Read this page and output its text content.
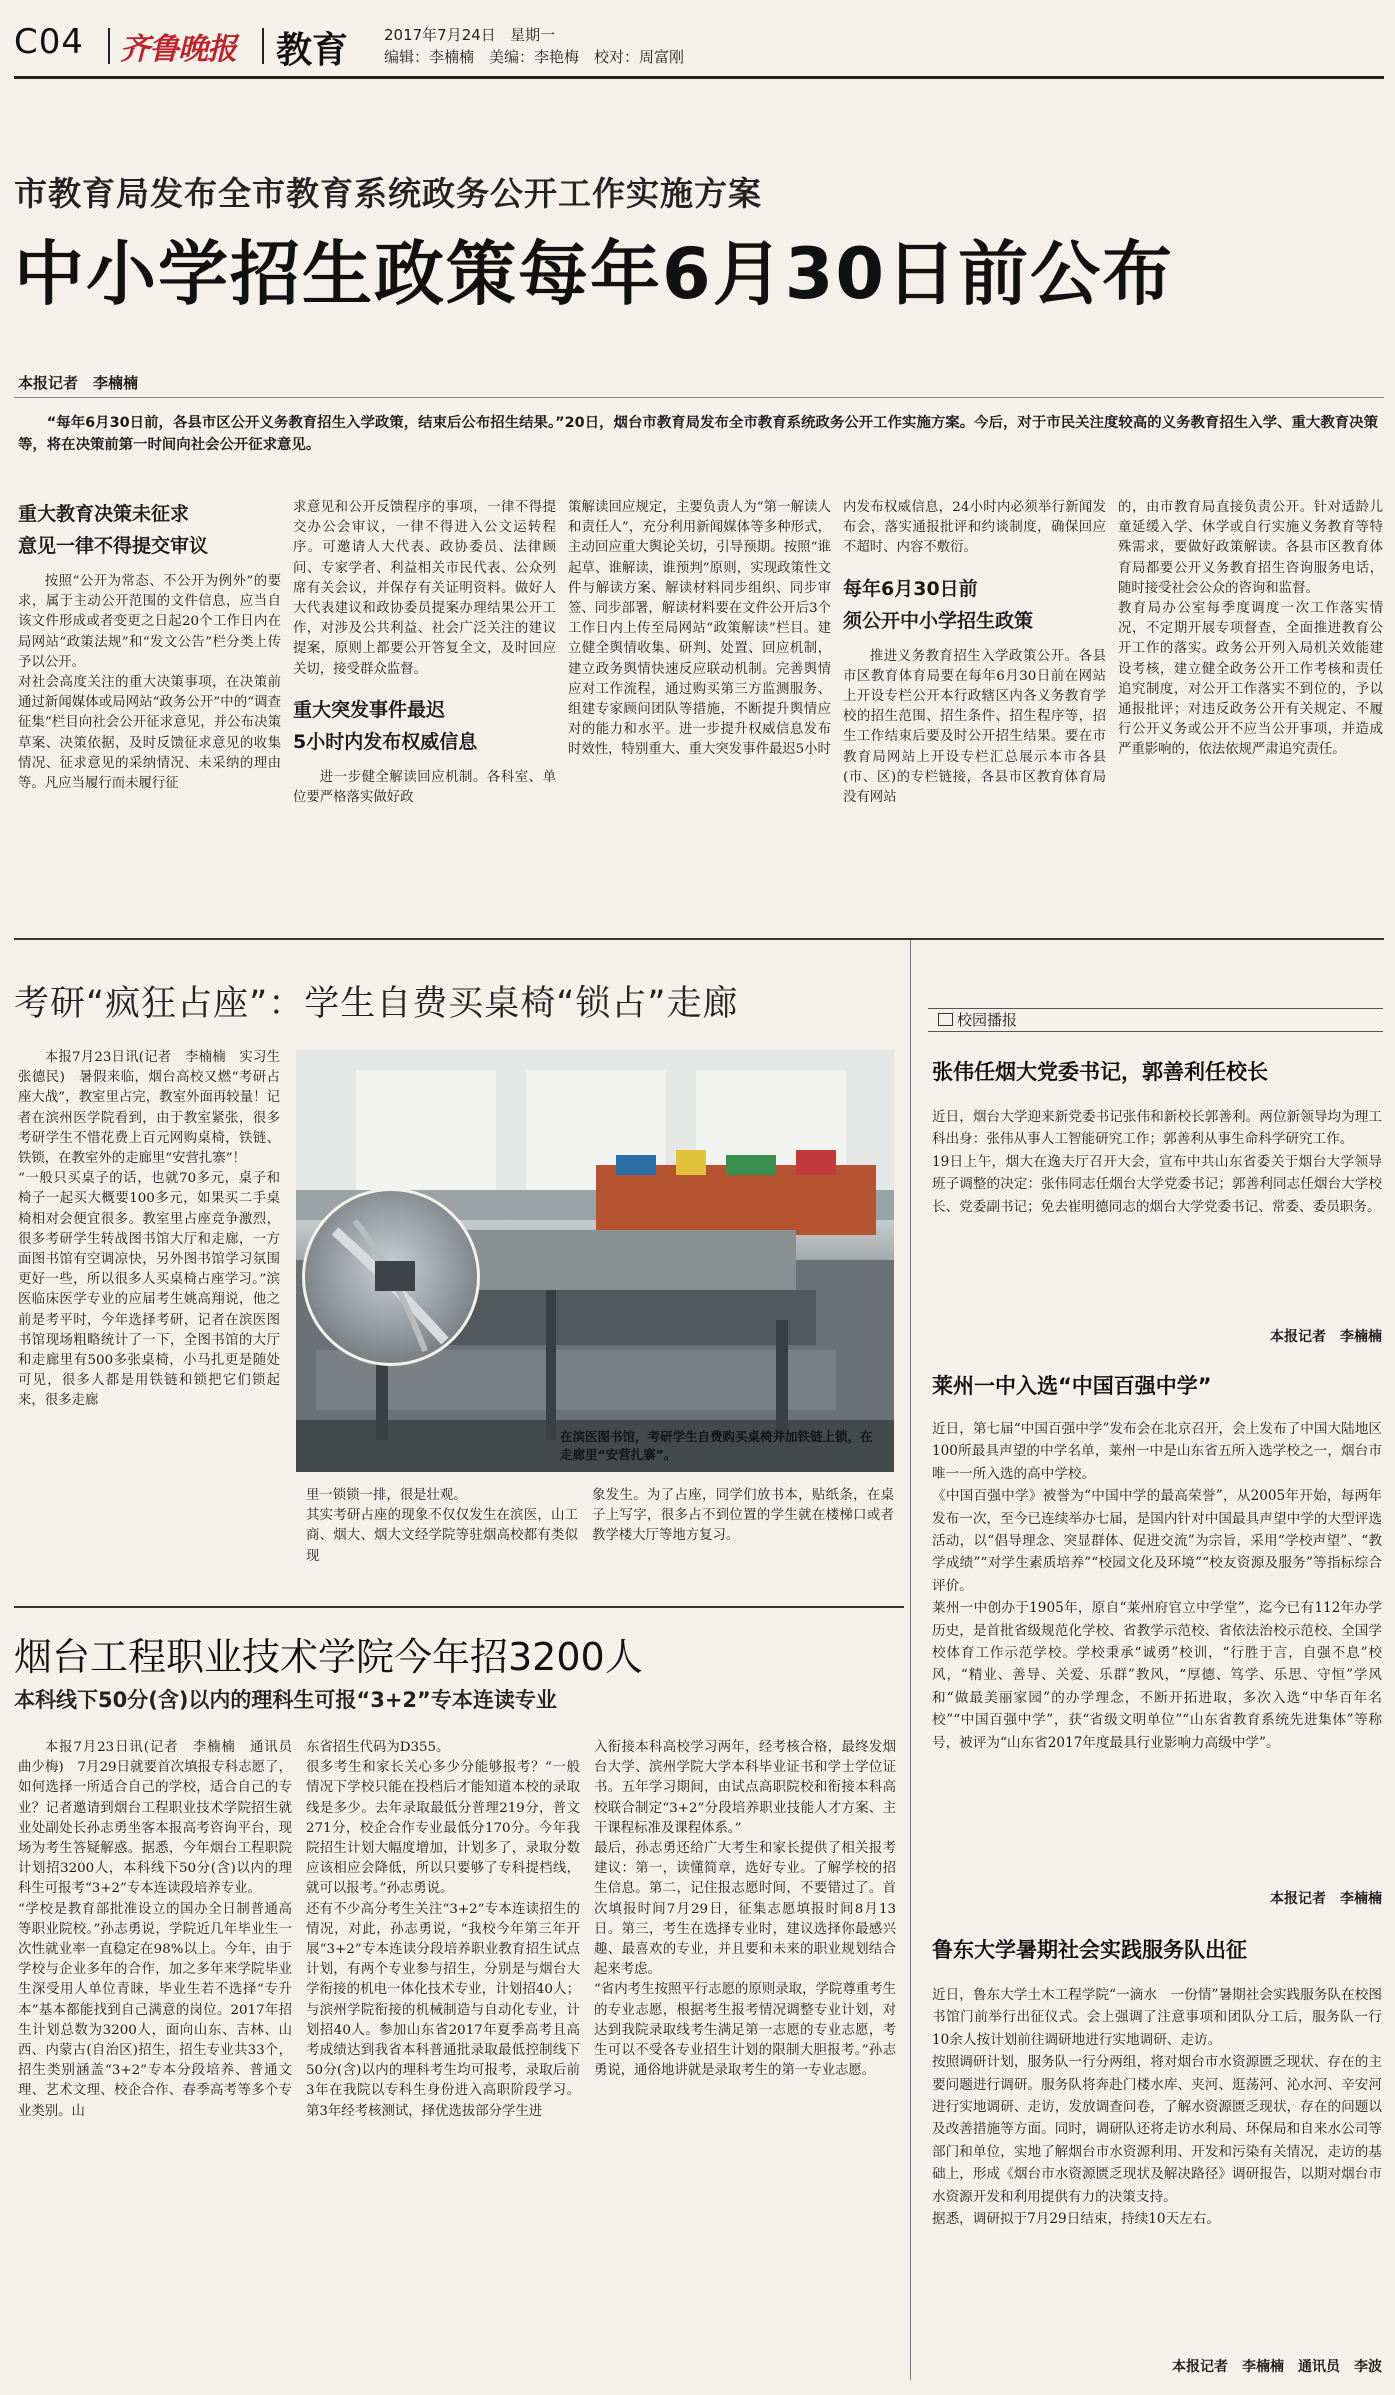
C04 齐鲁晚报 教育 2017年7月24日 星期一
编辑：李楠楠　美编：李艳梅　校对：周富刚
市教育局发布全市教育系统政务公开工作实施方案
中小学招生政策每年6月30日前公布
本报记者　李楠楠
“每年6月30日前，各县市区公开义务教育招生入学政策，结束后公布招生结果。”20日，烟台市教育局发布全市教育系统政务公开工作实施方案。今后，对于市民关注度较高的义务教育招生入学、重大教育决策等，将在决策前第一时间向社会公开征求意见。
重大教育决策未征求
意见一律不得提交审议
按照“公开为常态、不公开为例外”的要求，属于主动公开范围的文件信息，应当自该文件形成或者变更之日起20个工作日内在局网站“政策法规”和“发文公告”栏分类上传予以公开。
对社会高度关注的重大决策事项，在决策前通过新闻媒体或局网站“政务公开”中的“调查征集”栏目向社会公开征求意见，并公布决策草案、决策依据，及时反馈征求意见的收集情况、征求意见的采纳情况、未采纳的理由等。凡应当履行而未履行征
求意见和公开反馈程序的事项，一律不得提交办公会审议，一律不得进入公文运转程序。可邀请人大代表、政协委员、法律顾问、专家学者、利益相关市民代表、公众列席有关会议，并保存有关证明资料。做好人大代表建议和政协委员提案办理结果公开工作，对涉及公共利益、社会广泛关注的建议提案，原则上都要公开答复全文，及时回应关切，接受群众监督。
重大突发事件最迟
5小时内发布权威信息
进一步健全解读回应机制。各科室、单位要严格落实做好政
策解读回应规定，主要负责人为“第一解读人和责任人”，充分利用新闻媒体等多种形式，主动回应重大舆论关切，引导预期。按照“谁起草、谁解读，谁预判”原则，实现政策性文件与解读方案、解读材料同步组织、同步审签、同步部署，解读材料要在文件公开后3个工作日内上传至局网站“政策解读”栏目。建立健全舆情收集、研判、处置、回应机制，建立政务舆情快速反应联动机制。完善舆情应对工作流程，通过购买第三方监测服务、组建专家顾问团队等措施，不断提升舆情应对的能力和水平。进一步提升权威信息发布时效性，特别重大、重大突发事件最迟5小时
内发布权威信息，24小时内必须举行新闻发布会，落实通报批评和约谈制度，确保回应不超时、内容不敷衍。
每年6月30日前
须公开中小学招生政策
推进义务教育招生入学政策公开。各县市区教育体育局要在每年6月30日前在网站上开设专栏公开本行政辖区内各义务教育学校的招生范围、招生条件、招生程序等，招生工作结束后要及时公开招生结果。要在市教育局网站上开设专栏汇总展示本市各县(市、区)的专栏链接，各县市区教育体育局没有网站
的，由市教育局直接负责公开。针对适龄儿童延缓入学、休学或自行实施义务教育等特殊需求，要做好政策解读。各县市区教育体育局都要公开义务教育招生咨询服务电话，随时接受社会公众的咨询和监督。
教育局办公室每季度调度一次工作落实情况，不定期开展专项督查，全面推进教育公开工作的落实。政务公开列入局机关效能建设考核，建立健全政务公开工作考核和责任追究制度，对公开工作落实不到位的，予以通报批评；对违反政务公开有关规定、不履行公开义务或公开不应当公开事项，并造成严重影响的，依法依规严肃追究责任。
考研“疯狂占座”：学生自费买桌椅“锁占”走廊
本报7月23日讯(记者　李楠楠　实习生　张德民)　暑假来临，烟台高校又燃“考研占座大战”，教室里占完，教室外面再较量！记者在滨州医学院看到，由于教室紧张，很多考研学生不惜花费上百元网购桌椅，铁链、铁锁，在教室外的走廊里“安营扎寨”！
“一般只买桌子的话，也就70多元，桌子和椅子一起买大概要100多元，如果买二手桌椅相对会便宜很多。教室里占座竞争激烈，很多考研学生转战图书馆大厅和走廊，一方面图书馆有空调凉快，另外图书馆学习氛围更好一些，所以很多人买桌椅占座学习。”滨医临床医学专业的应届考生姚高翔说，他之前是考平时，今年选择考研，记者在滨医图书馆现场粗略统计了一下，全图书馆的大厅和走廊里有500多张桌椅，小马扎更是随处可见，很多人都是用铁链和锁把它们锁起来，很多走廊
在滨医图书馆，考研学生自费购买桌椅并加铁链上锁，在走廊里“安营扎寨”。
里一锁锁一排，很是壮观。
其实考研占座的现象不仅仅发生在滨医，山工商、烟大、烟大文经学院等驻烟高校都有类似现
象发生。为了占座，同学们放书本，贴纸条，在桌子上写字，很多占不到位置的学生就在楼梯口或者教学楼大厅等地方复习。
烟台工程职业技术学院今年招3200人
本科线下50分(含)以内的理科生可报“3+2”专本连读专业
本报7月23日讯(记者　李楠楠　通讯员　曲少梅)　7月29日就要首次填报专科志愿了，如何选择一所适合自己的学校，适合自己的专业？记者邀请到烟台工程职业技术学院招生就业处副处长孙志勇坐客本报高考咨询平台，现场为考生答疑解惑。据悉，今年烟台工程职院计划招3200人，本科线下50分(含)以内的理科生可报考“3+2”专本连读段培养专业。
“学校是教育部批准设立的国办全日制普通高等职业院校。”孙志勇说，学院近几年毕业生一次性就业率一直稳定在98%以上。今年，由于学校与企业多年的合作，加之多年来学院毕业生深受用人单位青睐，毕业生若不选择“专升本”基本都能找到自己满意的岗位。2017年招生计划总数为3200人，面向山东、吉林、山西、内蒙古(自治区)招生，招生专业共33个，招生类别涵盖“3+2”专本分段培养、普通文理、艺术文理、校企合作、春季高考等多个专业类别。山
东省招生代码为D355。
很多考生和家长关心多少分能够报考？“一般情况下学校只能在投档后才能知道本校的录取线是多少。去年录取最低分普理219分，普文271分，校企合作专业最低分170分。今年我院招生计划大幅度增加，计划多了，录取分数应该相应会降低，所以只要够了专科提档线，就可以报考。”孙志勇说。
还有不少高分考生关注“3+2”专本连读招生的情况，对此，孙志勇说，“我校今年第三年开展“3+2”专本连读分段培养职业教育招生试点计划，有两个专业参与招生，分别是与烟台大学衔接的机电一体化技术专业，计划招40人；与滨州学院衔接的机械制造与自动化专业，计划招40人。参加山东省2017年夏季高考且高考成绩达到我省本科普通批录取最低控制线下50分(含)以内的理科考生均可报考，录取后前3年在我院以专科生身份进入高职阶段学习。第3年经考核测试，择优选拔部分学生进
入衔接本科高校学习两年，经考核合格，最终发烟台大学、滨州学院大学本科毕业证书和学士学位证书。五年学习期间，由试点高职院校和衔接本科高校联合制定“3+2”分段培养职业技能人才方案、主干课程标准及课程体系。”
最后，孙志勇还给广大考生和家长提供了相关报考建议：第一，读懂简章，选好专业。了解学校的招生信息。第二，记住报志愿时间，不要错过了。首次填报时间7月29日，征集志愿填报时间8月13日。第三，考生在选择专业时，建议选择你最感兴趣、最喜欢的专业，并且要和未来的职业规划结合起来考虑。
“省内考生按照平行志愿的原则录取，学院尊重考生的专业志愿，根据考生报考情况调整专业计划，对达到我院录取线考生满足第一志愿的专业志愿，考生可以不受各专业招生计划的限制大胆报考。”孙志勇说，通俗地讲就是录取考生的第一专业志愿。
校园播报
张伟任烟大党委书记，郭善利任校长
近日，烟台大学迎来新党委书记张伟和新校长郭善利。两位新领导均为理工科出身：张伟从事人工智能研究工作；郭善利从事生命科学研究工作。
19日上午，烟大在逸夫厅召开大会，宣布中共山东省委关于烟台大学领导班子调整的决定：张伟同志任烟台大学党委书记；郭善利同志任烟台大学校长、党委副书记；免去崔明德同志的烟台大学党委书记、常委、委员职务。
本报记者　李楠楠
莱州一中入选“中国百强中学”
近日，第七届“中国百强中学”发布会在北京召开，会上发布了中国大陆地区100所最具声望的中学名单，莱州一中是山东省五所入选学校之一，烟台市唯一一所入选的高中学校。
《中国百强中学》被誉为“中国中学的最高荣誉”，从2005年开始，每两年发布一次，至今已连续举办七届，是国内针对中国最具声望中学的大型评选活动，以“倡导理念、突显群体、促进交流”为宗旨，采用“学校声望”、“教学成绩”“对学生素质培养”“校园文化及环境”“校友资源及服务”等指标综合评价。
莱州一中创办于1905年，原自“莱州府官立中学堂”，迄今已有112年办学历史，是首批省级规范化学校、省教学示范校、省依法治校示范校、全国学校体育工作示范学校。学校秉承“诚勇”校训，“行胜于言，自强不息”校风，“精业、善导、关爱、乐群”教风，“厚德、笃学、乐思、守恒”学风和“做最美丽家园”的办学理念，不断开拓进取，多次入选“中华百年名校”“中国百强中学”，获“省级文明单位”“山东省教育系统先进集体”等称号，被评为“山东省2017年度最具行业影响力高级中学”。
本报记者　李楠楠
鲁东大学暑期社会实践服务队出征
近日，鲁东大学土木工程学院“一滴水　一份情”暑期社会实践服务队在校图书馆门前举行出征仪式。会上强调了注意事项和团队分工后，服务队一行10余人按计划前往调研地进行实地调研、走访。
按照调研计划，服务队一行分两组，将对烟台市水资源匮乏现状、存在的主要问题进行调研。服务队将奔赴门楼水库、夹河、逛荡河、沁水河、辛安河进行实地调研、走访，发放调查问卷，了解水资源匮乏现状，存在的问题以及改善措施等方面。同时，调研队还将走访水利局、环保局和自来水公司等部门和单位，实地了解烟台市水资源利用、开发和污染有关情况，走访的基础上，形成《烟台市水资源匮乏现状及解决路径》调研报告，以期对烟台市水资源开发和利用提供有力的决策支持。
据悉，调研拟于7月29日结束，持续10天左右。
本报记者　李楠楠　通讯员　李波
